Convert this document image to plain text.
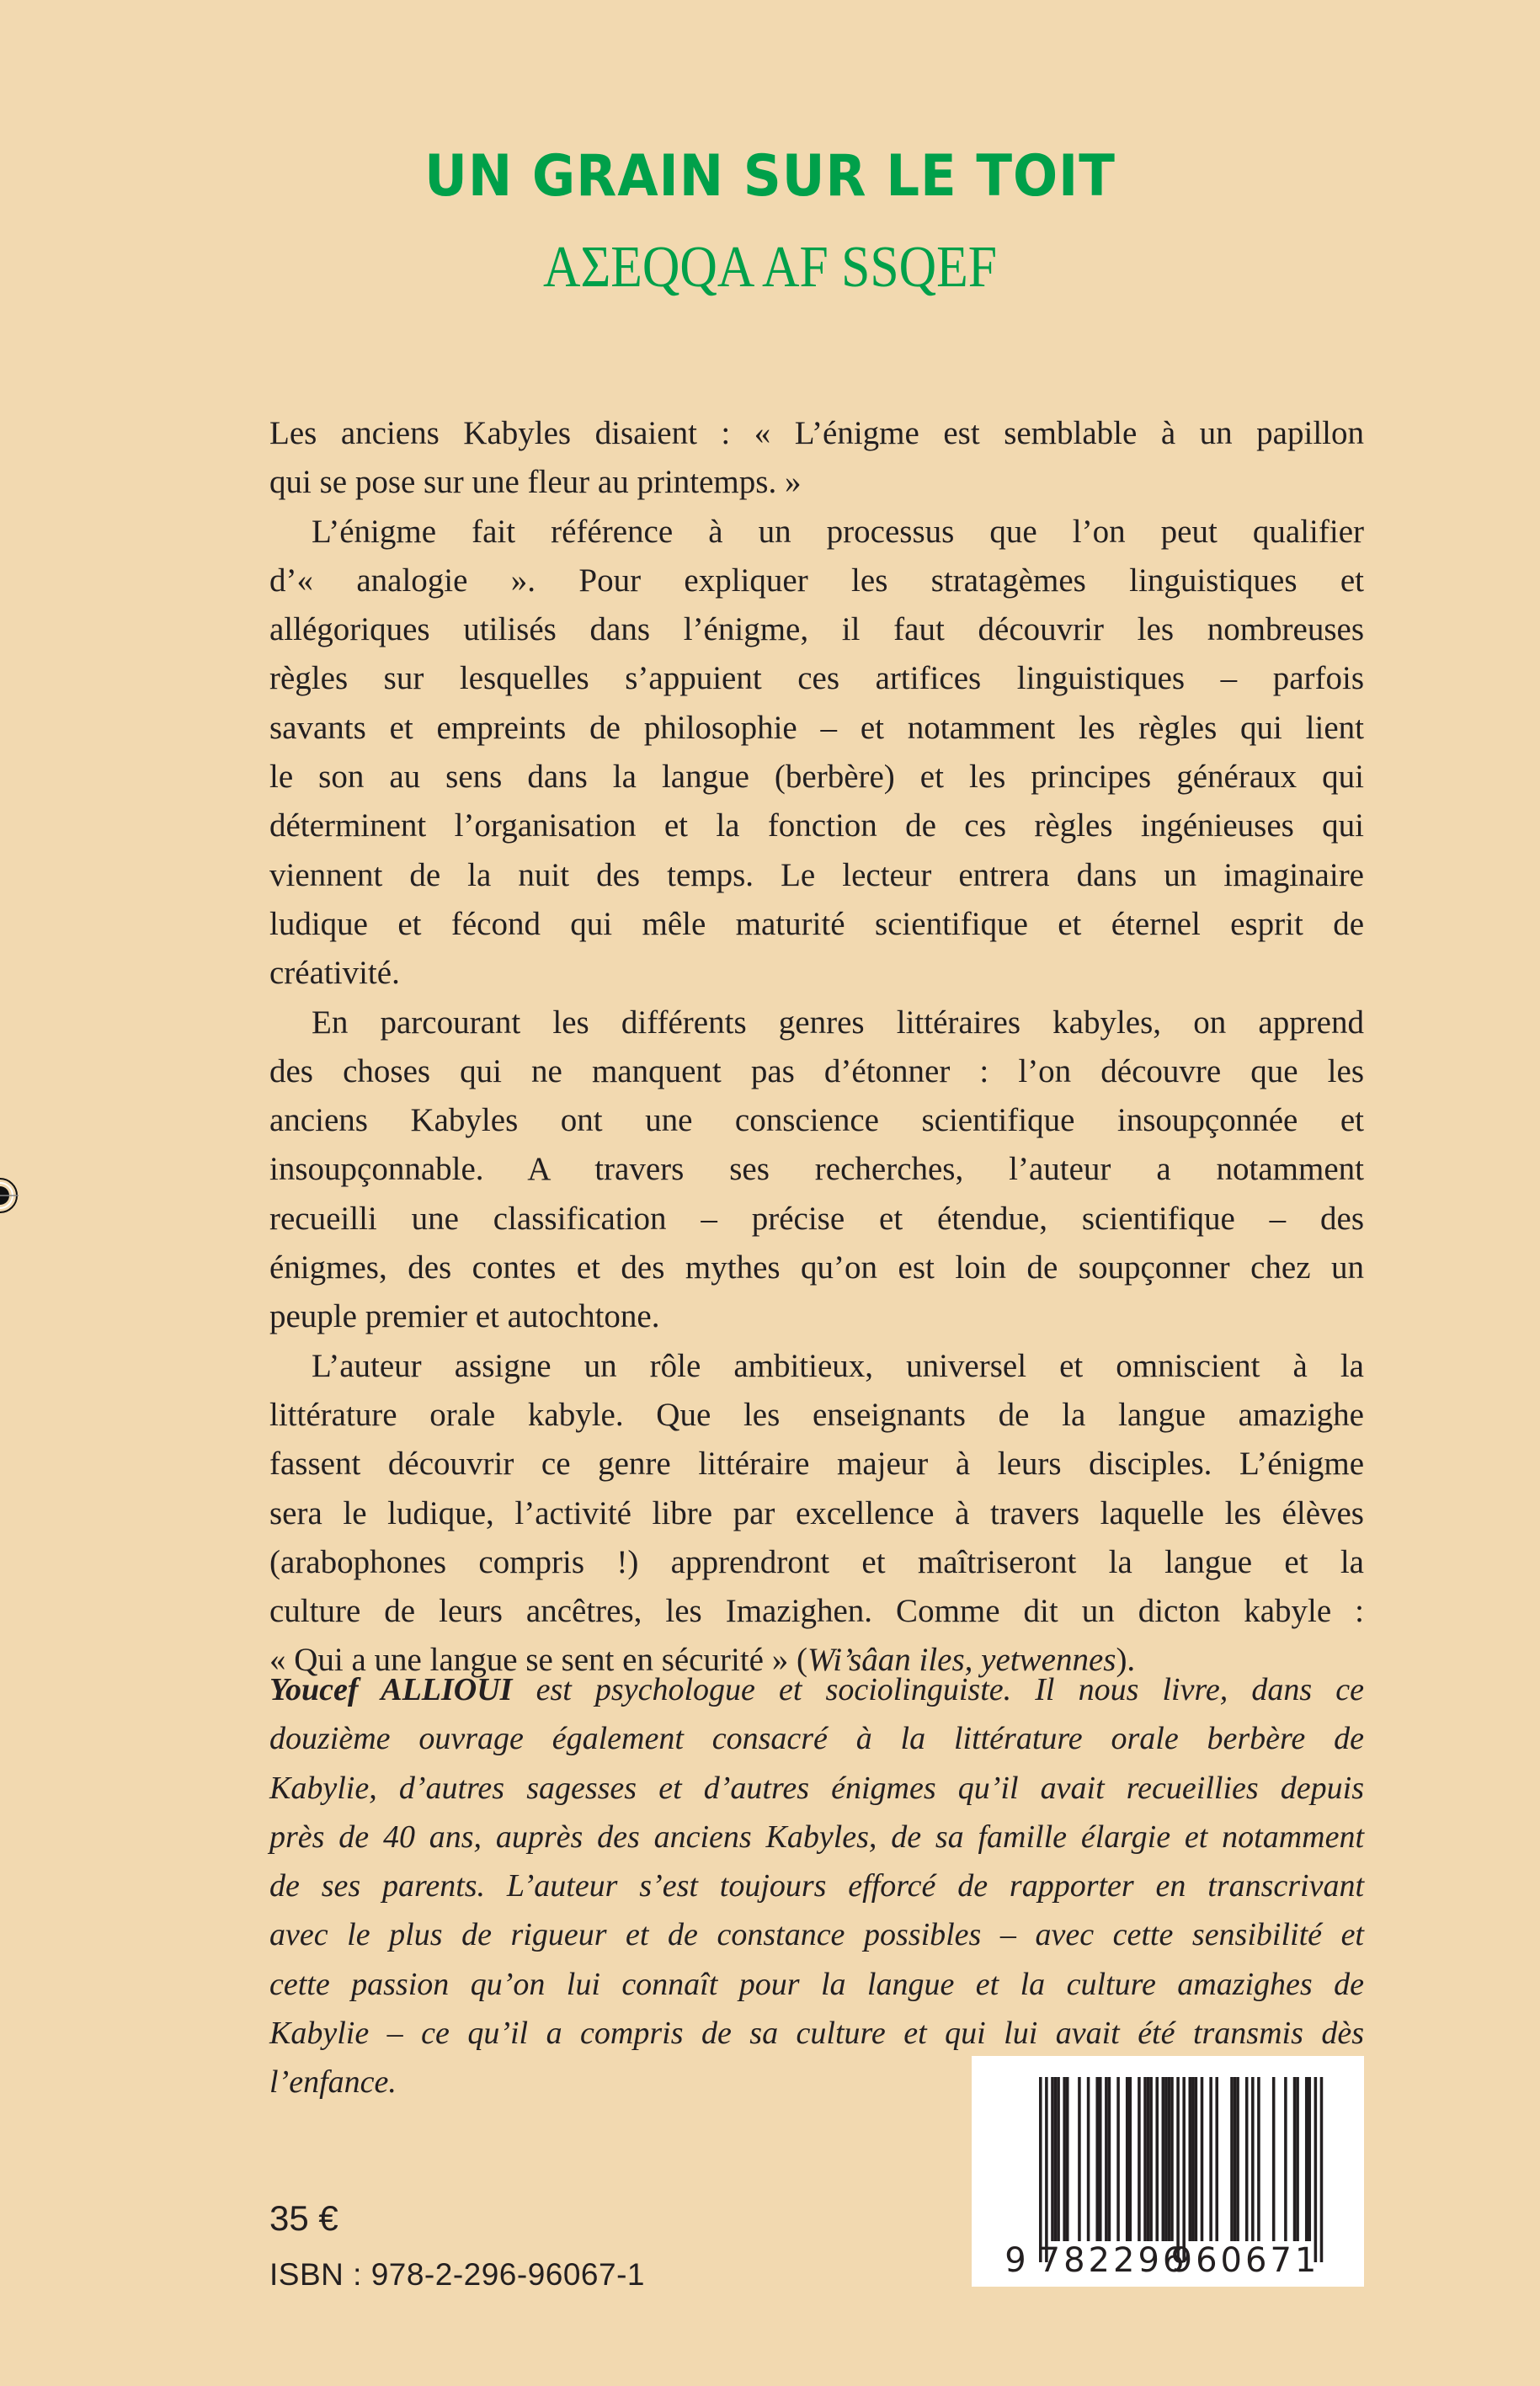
UN GRAIN SUR LE TOIT
AΣEQQA AF SSQEF
Les anciens Kabyles disaient : « L’énigme est semblable à un papillon
qui se pose sur une fleur au printemps. »
L’énigme fait référence à un processus que l’on peut qualifier
d’« analogie ». Pour expliquer les stratagèmes linguistiques et
allégoriques utilisés dans l’énigme, il faut découvrir les nombreuses
règles sur lesquelles s’appuient ces artifices linguistiques – parfois
savants et empreints de philosophie – et notamment les règles qui lient
le son au sens dans la langue (berbère) et les principes généraux qui
déterminent l’organisation et la fonction de ces règles ingénieuses qui
viennent de la nuit des temps. Le lecteur entrera dans un imaginaire
ludique et fécond qui mêle maturité scientifique et éternel esprit de
créativité.
En parcourant les différents genres littéraires kabyles, on apprend
des choses qui ne manquent pas d’étonner : l’on découvre que les
anciens Kabyles ont une conscience scientifique insoupçonnée et
insoupçonnable. A travers ses recherches, l’auteur a notamment
recueilli une classification – précise et étendue, scientifique – des
énigmes, des contes et des mythes qu’on est loin de soupçonner chez un
peuple premier et autochtone.
L’auteur assigne un rôle ambitieux, universel et omniscient à la
littérature orale kabyle. Que les enseignants de la langue amazighe
fassent découvrir ce genre littéraire majeur à leurs disciples. L’énigme
sera le ludique, l’activité libre par excellence à travers laquelle les élèves
(arabophones compris !) apprendront et maîtriseront la langue et la
culture de leurs ancêtres, les Imazighen. Comme dit un dicton kabyle :
« Qui a une langue se sent en sécurité » (Wi’sâan iles, yetwennes).
Youcef ALLIOUI est psychologue et sociolinguiste. Il nous livre, dans ce
douzième ouvrage également consacré à la littérature orale berbère de
Kabylie, d’autres sagesses et d’autres énigmes qu’il avait recueillies depuis
près de 40 ans, auprès des anciens Kabyles, de sa famille élargie et notamment
de ses parents. L’auteur s’est toujours efforcé de rapporter en transcrivant
avec le plus de rigueur et de constance possibles – avec cette sensibilité et
cette passion qu’on lui connaît pour la langue et la culture amazighes de
Kabylie – ce qu’il a compris de sa culture et qui lui avait été transmis dès
l’enfance.
35 €
ISBN : 978-2-296-96067-1	9 782296
960671
